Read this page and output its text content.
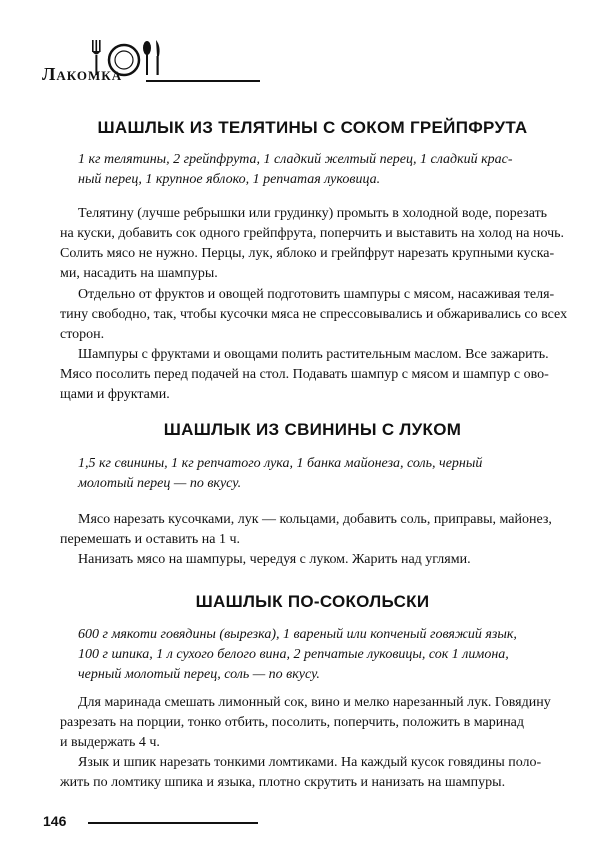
Лакомка
ШАШЛЫК ИЗ ТЕЛЯТИНЫ С СОКОМ ГРЕЙПФРУТА
1 кг телятины, 2 грейпфрута, 1 сладкий желтый перец, 1 сладкий крас-
ный перец, 1 крупное яблоко, 1 репчатая луковица.
Телятину (лучше ребрышки или грудинку) промыть в холодной воде, порезать
на куски, добавить сок одного грейпфрута, поперчить и выставить на холод на ночь.
Солить мясо не нужно. Перцы, лук, яблоко и грейпфрут нарезать крупными куска-
ми, насадить на шампуры.
Отдельно от фруктов и овощей подготовить шампуры с мясом, насаживая теля-
тину свободно, так, чтобы кусочки мяса не спрессовывались и обжаривались со всех
сторон.
Шампуры с фруктами и овощами полить растительным маслом. Все зажарить.
Мясо посолить перед подачей на стол. Подавать шампур с мясом и шампур с ово-
щами и фруктами.
ШАШЛЫК ИЗ СВИНИНЫ С ЛУКОМ
1,5 кг свинины, 1 кг репчатого лука, 1 банка майонеза, соль, черный
молотый перец — по вкусу.
Мясо нарезать кусочками, лук — кольцами, добавить соль, приправы, майонез,
перемешать и оставить на 1 ч.
Нанизать мясо на шампуры, чередуя с луком. Жарить над углями.
ШАШЛЫК ПО-СОКОЛЬСКИ
600 г мякоти говядины (вырезка), 1 вареный или копченый говяжий язык,
100 г шпика, 1 л сухого белого вина, 2 репчатые луковицы, сок 1 лимона,
черный молотый перец, соль — по вкусу.
Для маринада смешать лимонный сок, вино и мелко нарезанный лук. Говядину
разрезать на порции, тонко отбить, посолить, поперчить, положить в маринад
и выдержать 4 ч.
Язык и шпик нарезать тонкими ломтиками. На каждый кусок говядины поло-
жить по ломтику шпика и языка, плотно скрутить и нанизать на шампуры.
146
